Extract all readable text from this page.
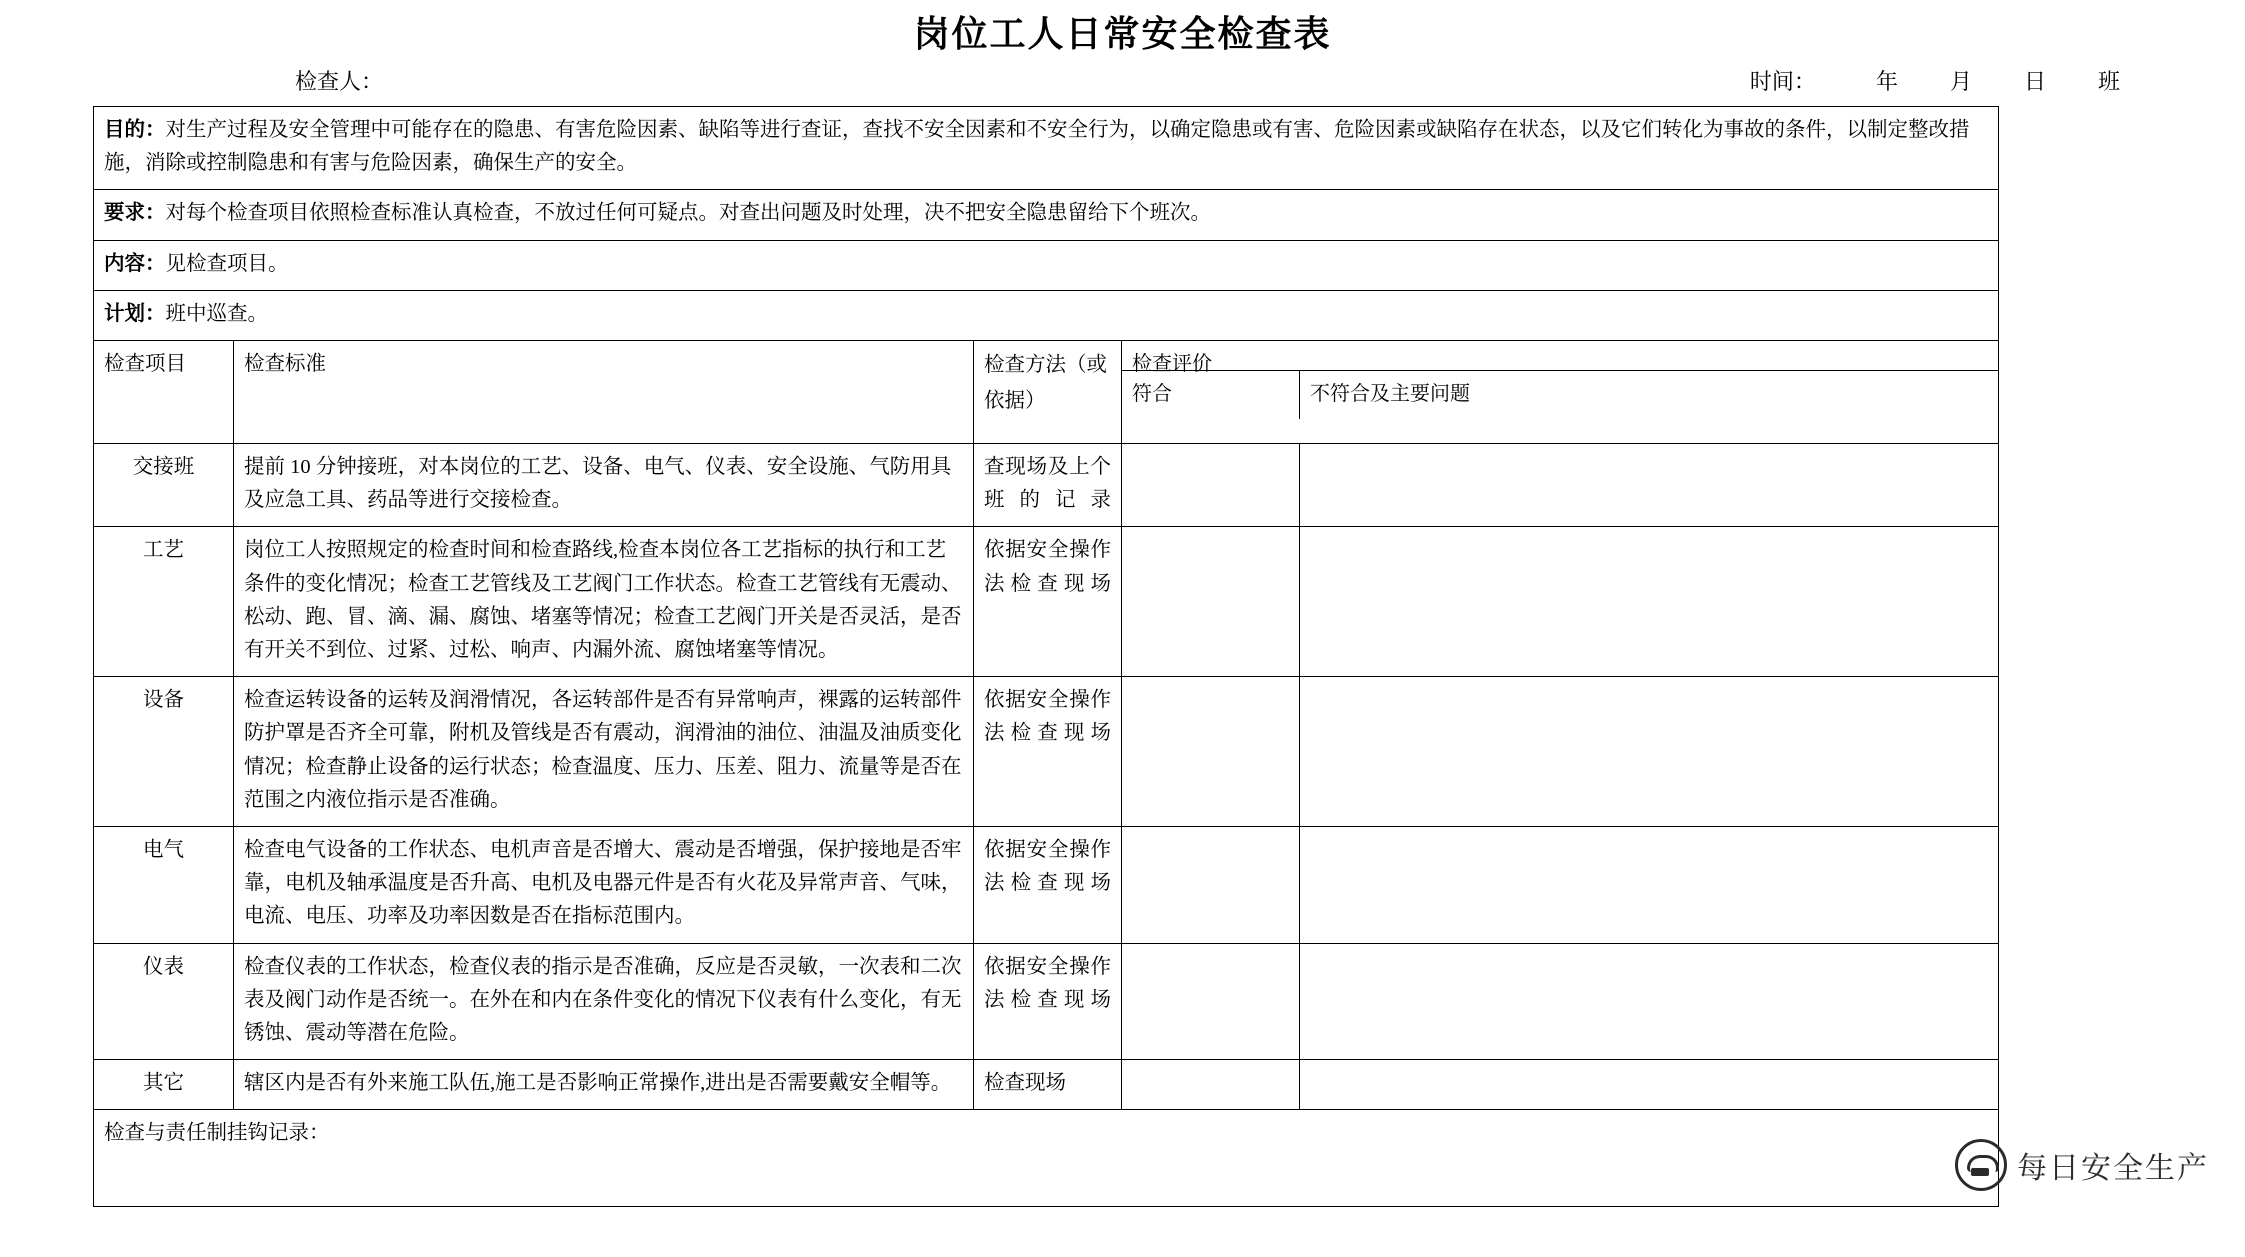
岗位工人日常安全检查表
检查人：	时间：	年 月 日 班
目的：对生产过程及安全管理中可能存在的隐患、有害危险因素、缺陷等进行查证，查找不安全因素和不安全行为，以确定隐患或有害、危险因素或缺陷存在状态，以及它们转化为事故的条件，以制定整改措施，消除或控制隐患和有害与危险因素，确保生产的安全。				
要求：对每个检查项目依照检查标准认真检查，不放过任何可疑点。对查出问题及时处理，决不把安全隐患留给下个班次。				
内容：见检查项目。				
计划：班中巡查。				
检查项目	检查标准	检查方法（或依据）	检查评价
符合 不符合及主要问题	

交接班	提前 10 分钟接班，对本岗位的工艺、设备、电气、仪表、安全设施、气防用具及应急工具、药品等进行交接检查。	查现场及上个班的记录		
工艺	岗位工人按照规定的检查时间和检查路线,检查本岗位各工艺指标的执行和工艺条件的变化情况；检查工艺管线及工艺阀门工作状态。检查工艺管线有无震动、松动、跑、冒、滴、漏、腐蚀、堵塞等情况；检查工艺阀门开关是否灵活，是否有开关不到位、过紧、过松、响声、内漏外流、腐蚀堵塞等情况。	依据安全操作法检查现场		
设备	检查运转设备的运转及润滑情况，各运转部件是否有异常响声，裸露的运转部件防护罩是否齐全可靠，附机及管线是否有震动，润滑油的油位、油温及油质变化情况；检查静止设备的运行状态；检查温度、压力、压差、阻力、流量等是否在范围之内液位指示是否准确。	依据安全操作法检查现场		
电气	检查电气设备的工作状态、电机声音是否增大、震动是否增强，保护接地是否牢靠，电机及轴承温度是否升高、电机及电器元件是否有火花及异常声音、气味，电流、电压、功率及功率因数是否在指标范围内。	依据安全操作法检查现场		
仪表	检查仪表的工作状态，检查仪表的指示是否准确，反应是否灵敏，一次表和二次表及阀门动作是否统一。在外在和内在条件变化的情况下仪表有什么变化，有无锈蚀、震动等潜在危险。	依据安全操作法检查现场		
其它	辖区内是否有外来施工队伍,施工是否影响正常操作,进出是否需要戴安全帽等。	检查现场		
检查与责任制挂钩记录：				
每日安全生产
